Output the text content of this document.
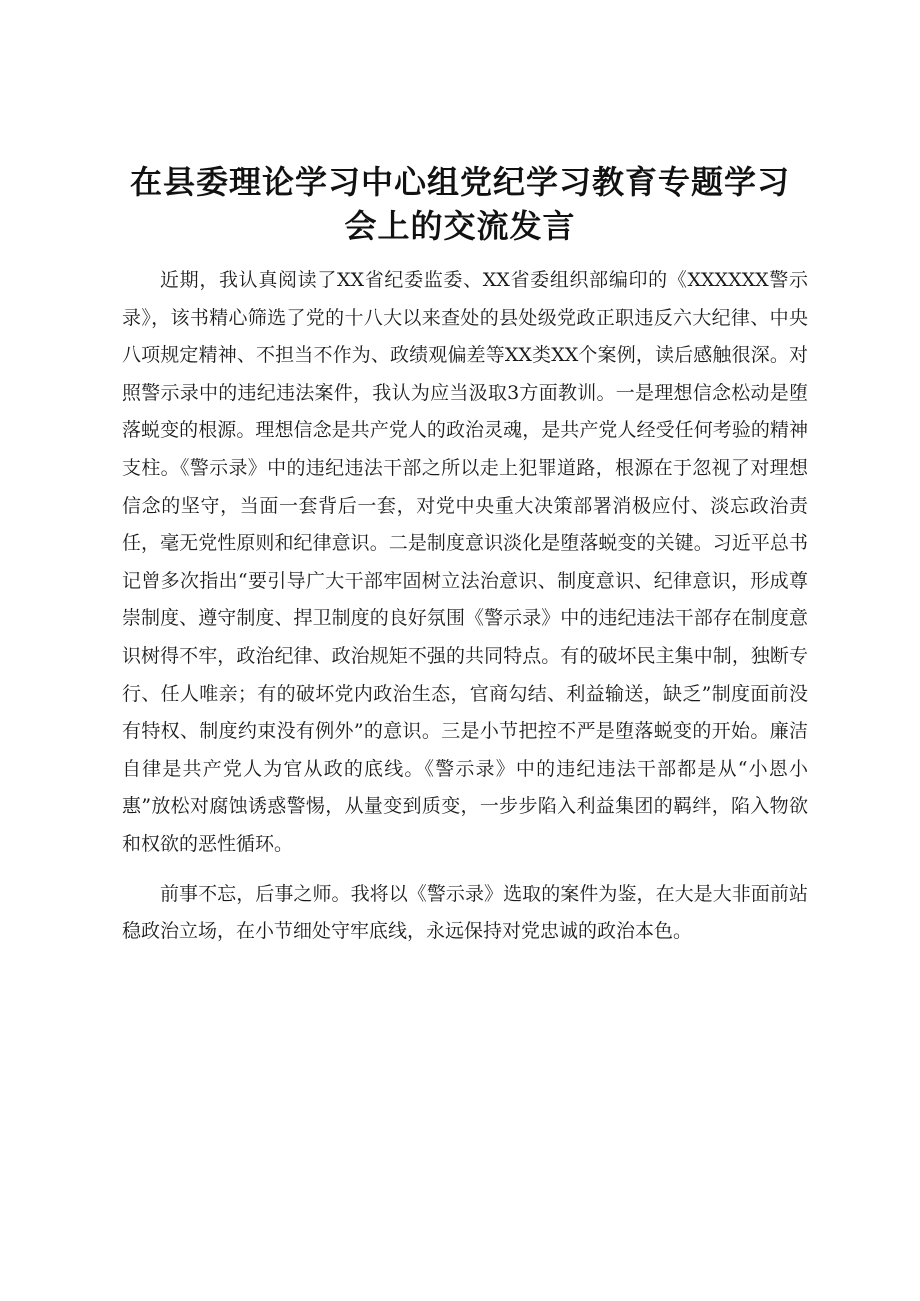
在县委理论学习中心组党纪学习教育专题学习
会上的交流发言

近期，我认真阅读了XX省纪委监委、XX省委组织部编印的《XXXXXX警示录》，该书精心筛选了党的十八大以来查处的县处级党政正职违反六大纪律、中央八项规定精神、不担当不作为、政绩观偏差等XX类XX个案例，读后感触很深。对照警示录中的违纪违法案件，我认为应当汲取3方面教训。一是理想信念松动是堕落蜕变的根源。理想信念是共产党人的政治灵魂，是共产党人经受任何考验的精神支柱。《警示录》中的违纪违法干部之所以走上犯罪道路，根源在于忽视了对理想信念的坚守，当面一套背后一套，对党中央重大决策部署消极应付、淡忘政治责任，毫无党性原则和纪律意识。二是制度意识淡化是堕落蜕变的关键。习近平总书记曾多次指出“要引导广大干部牢固树立法治意识、制度意识、纪律意识，形成尊崇制度、遵守制度、捍卫制度的良好氛围《警示录》中的违纪违法干部存在制度意识树得不牢，政治纪律、政治规矩不强的共同特点。有的破坏民主集中制，独断专行、任人唯亲；有的破坏党内政治生态，官商勾结、利益输送，缺乏”制度面前没有特权、制度约束没有例外”的意识。三是小节把控不严是堕落蜕变的开始。廉洁自律是共产党人为官从政的底线。《警示录》中的违纪违法干部都是从“小恩小惠”放松对腐蚀诱惑警惕，从量变到质变，一步步陷入利益集团的羁绊，陷入物欲和权欲的恶性循环。

前事不忘，后事之师。我将以《警示录》选取的案件为鉴，在大是大非面前站稳政治立场，在小节细处守牢底线，永远保持对党忠诚的政治本色。
